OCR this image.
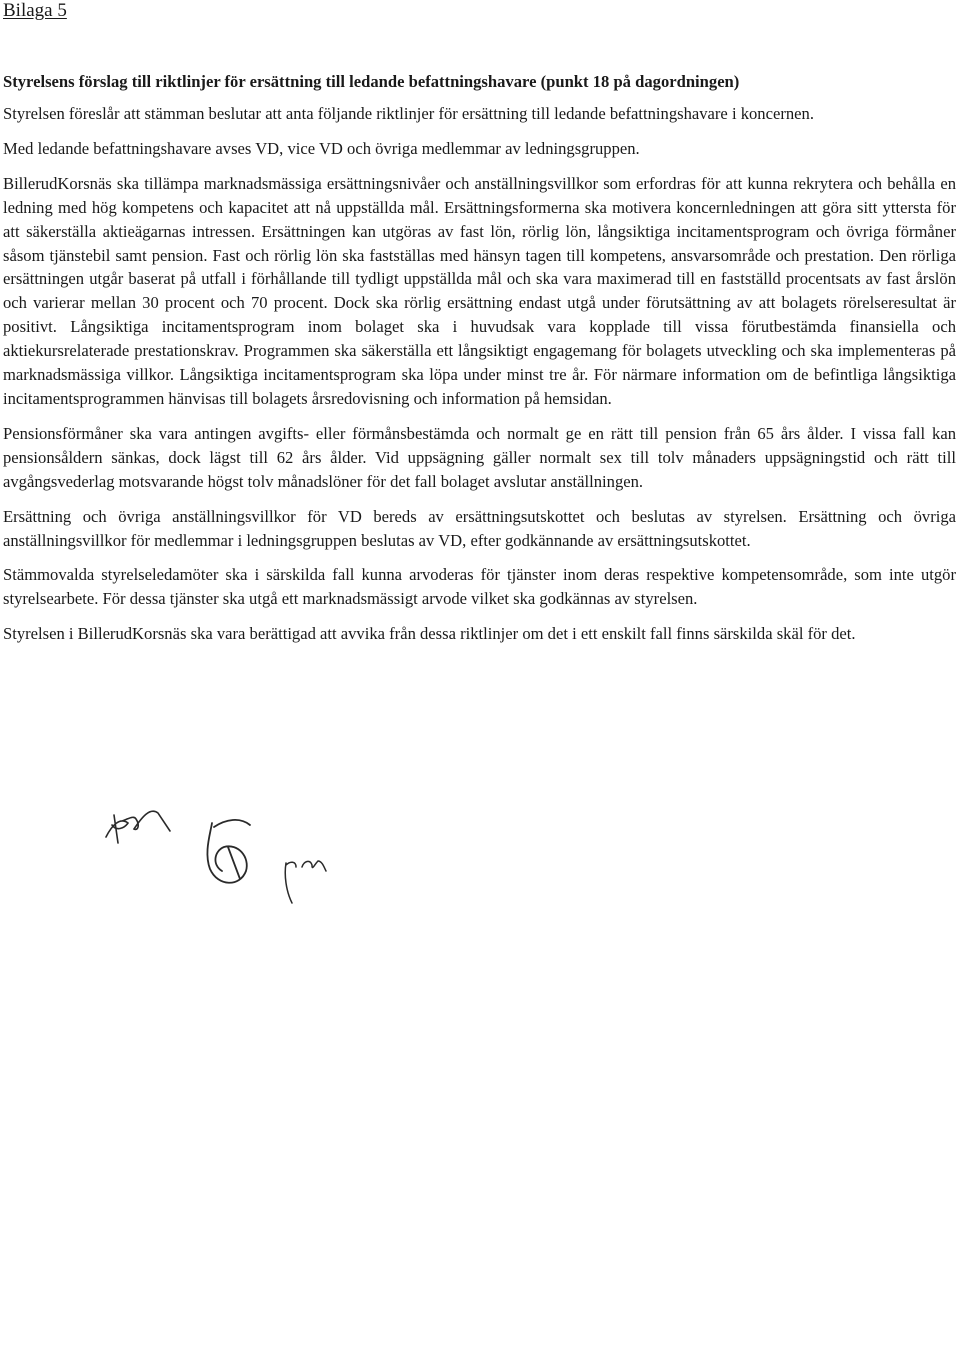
Bilaga 5

Styrelsens förslag till riktlinjer för ersättning till ledande befattningshavare (punkt 18 på dagordningen)

Styrelsen föreslår att stämman beslutar att anta följande riktlinjer för ersättning till ledande befattningshavare i koncernen.

Med ledande befattningshavare avses VD, vice VD och övriga medlemmar av ledningsgruppen.

BillerudKorsnäs ska tillämpa marknadsmässiga ersättningsnivåer och anställningsvillkor som erfordras för att kunna rekrytera och behålla en ledning med hög kompetens och kapacitet att nå uppställda mål. Ersättningsformerna ska motivera koncernledningen att göra sitt yttersta för att säkerställa aktieägarnas intressen. Ersättningen kan utgöras av fast lön, rörlig lön, långsiktiga incitamentsprogram och övriga förmåner såsom tjänstebil samt pension. Fast och rörlig lön ska fastställas med hänsyn tagen till kompetens, ansvarsområde och prestation. Den rörliga ersättningen utgår baserat på utfall i förhållande till tydligt uppställda mål och ska vara maximerad till en fastställd procentsats av fast årslön och varierar mellan 30 procent och 70 procent. Dock ska rörlig ersättning endast utgå under förutsättning av att bolagets rörelseresultat är positivt. Långsiktiga incitamentsprogram inom bolaget ska i huvudsak vara kopplade till vissa förutbestämda finansiella och aktiekursrelaterade prestationskrav. Programmen ska säkerställa ett långsiktigt engagemang för bolagets utveckling och ska implementeras på marknadsmässiga villkor. Långsiktiga incitamentsprogram ska löpa under minst tre år. För närmare information om de befintliga långsiktiga incitamentsprogrammen hänvisas till bolagets årsredovisning och information på hemsidan.

Pensionsförmåner ska vara antingen avgifts- eller förmånsbestämda och normalt ge en rätt till pension från 65 års ålder. I vissa fall kan pensionsåldern sänkas, dock lägst till 62 års ålder. Vid uppsägning gäller normalt sex till tolv månaders uppsägningstid och rätt till avgångsvederlag motsvarande högst tolv månadslöner för det fall bolaget avslutar anställningen.

Ersättning och övriga anställningsvillkor för VD bereds av ersättningsutskottet och beslutas av styrelsen. Ersättning och övriga anställningsvillkor för medlemmar i ledningsgruppen beslutas av VD, efter godkännande av ersättningsutskottet.

Stämmovalda styrelseledamöter ska i särskilda fall kunna arvoderas för tjänster inom deras respektive kompetensområde, som inte utgör styrelsearbete. För dessa tjänster ska utgå ett marknadsmässigt arvode vilket ska godkännas av styrelsen.

Styrelsen i BillerudKorsnäs ska vara berättigad att avvika från dessa riktlinjer om det i ett enskilt fall finns särskilda skäl för det.
